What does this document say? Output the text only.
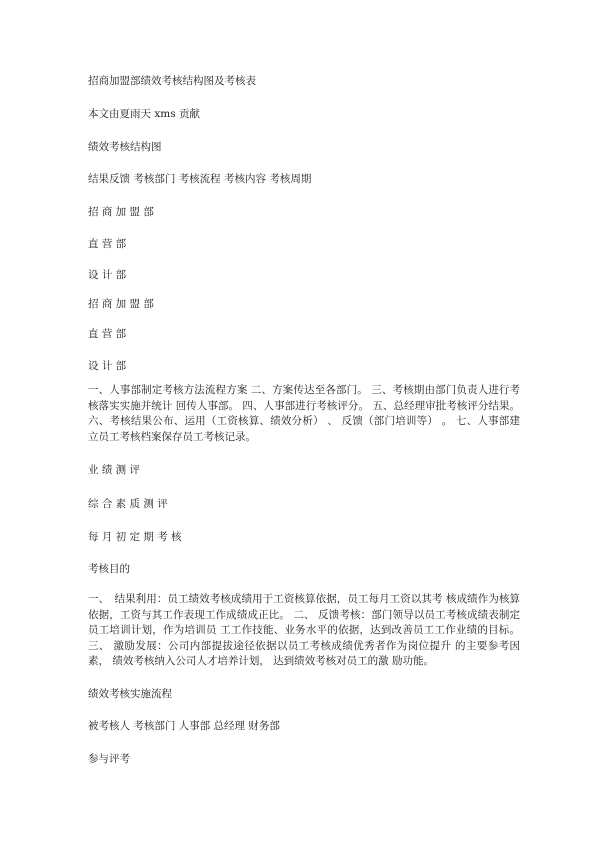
招商加盟部绩效考核结构图及考核表
本文由夏雨天 xms 贡献
绩效考核结构图
结果反馈 考核部门 考核流程 考核内容 考核周期
招 商 加 盟 部
直 营 部
设 计 部
招 商 加 盟 部
直 营 部
设 计 部
一、人事部制定考核方法流程方案 二、方案传达至各部门。 三、考核期由部门负责人进行考核落实实施并统计 回传人事部。 四、人事部进行考核评分。 五、总经理审批考核评分结果。 六、考核结果公布、运用（工资核算、绩效分析） 、 反馈（部门培训等） 。 七、人事部建立员工考核档案保存员工考核记录。
业 绩 测 评
综 合 素 质 测 评
每 月 初 定 期 考 核
考核目的
一、　结果利用：员工绩效考核成绩用于工资核算依据，员工每月工资以其考 核成绩作为核算依据，工资与其工作表现工作成绩成正比。 二、 反馈考核：部门领导以员工考核成绩表制定员工培训计划，作为培训员 工工作技能、业务水平的依据，达到改善员工工作业绩的目标。 三、 激励发展：公司内部提拔途径依据以员工考核成绩优秀者作为岗位提升 的主要参考因素， 绩效考核纳入公司人才培养计划， 达到绩效考核对员工的激 励功能。
绩效考核实施流程
被考核人 考核部门 人事部 总经理 财务部
参与评考
